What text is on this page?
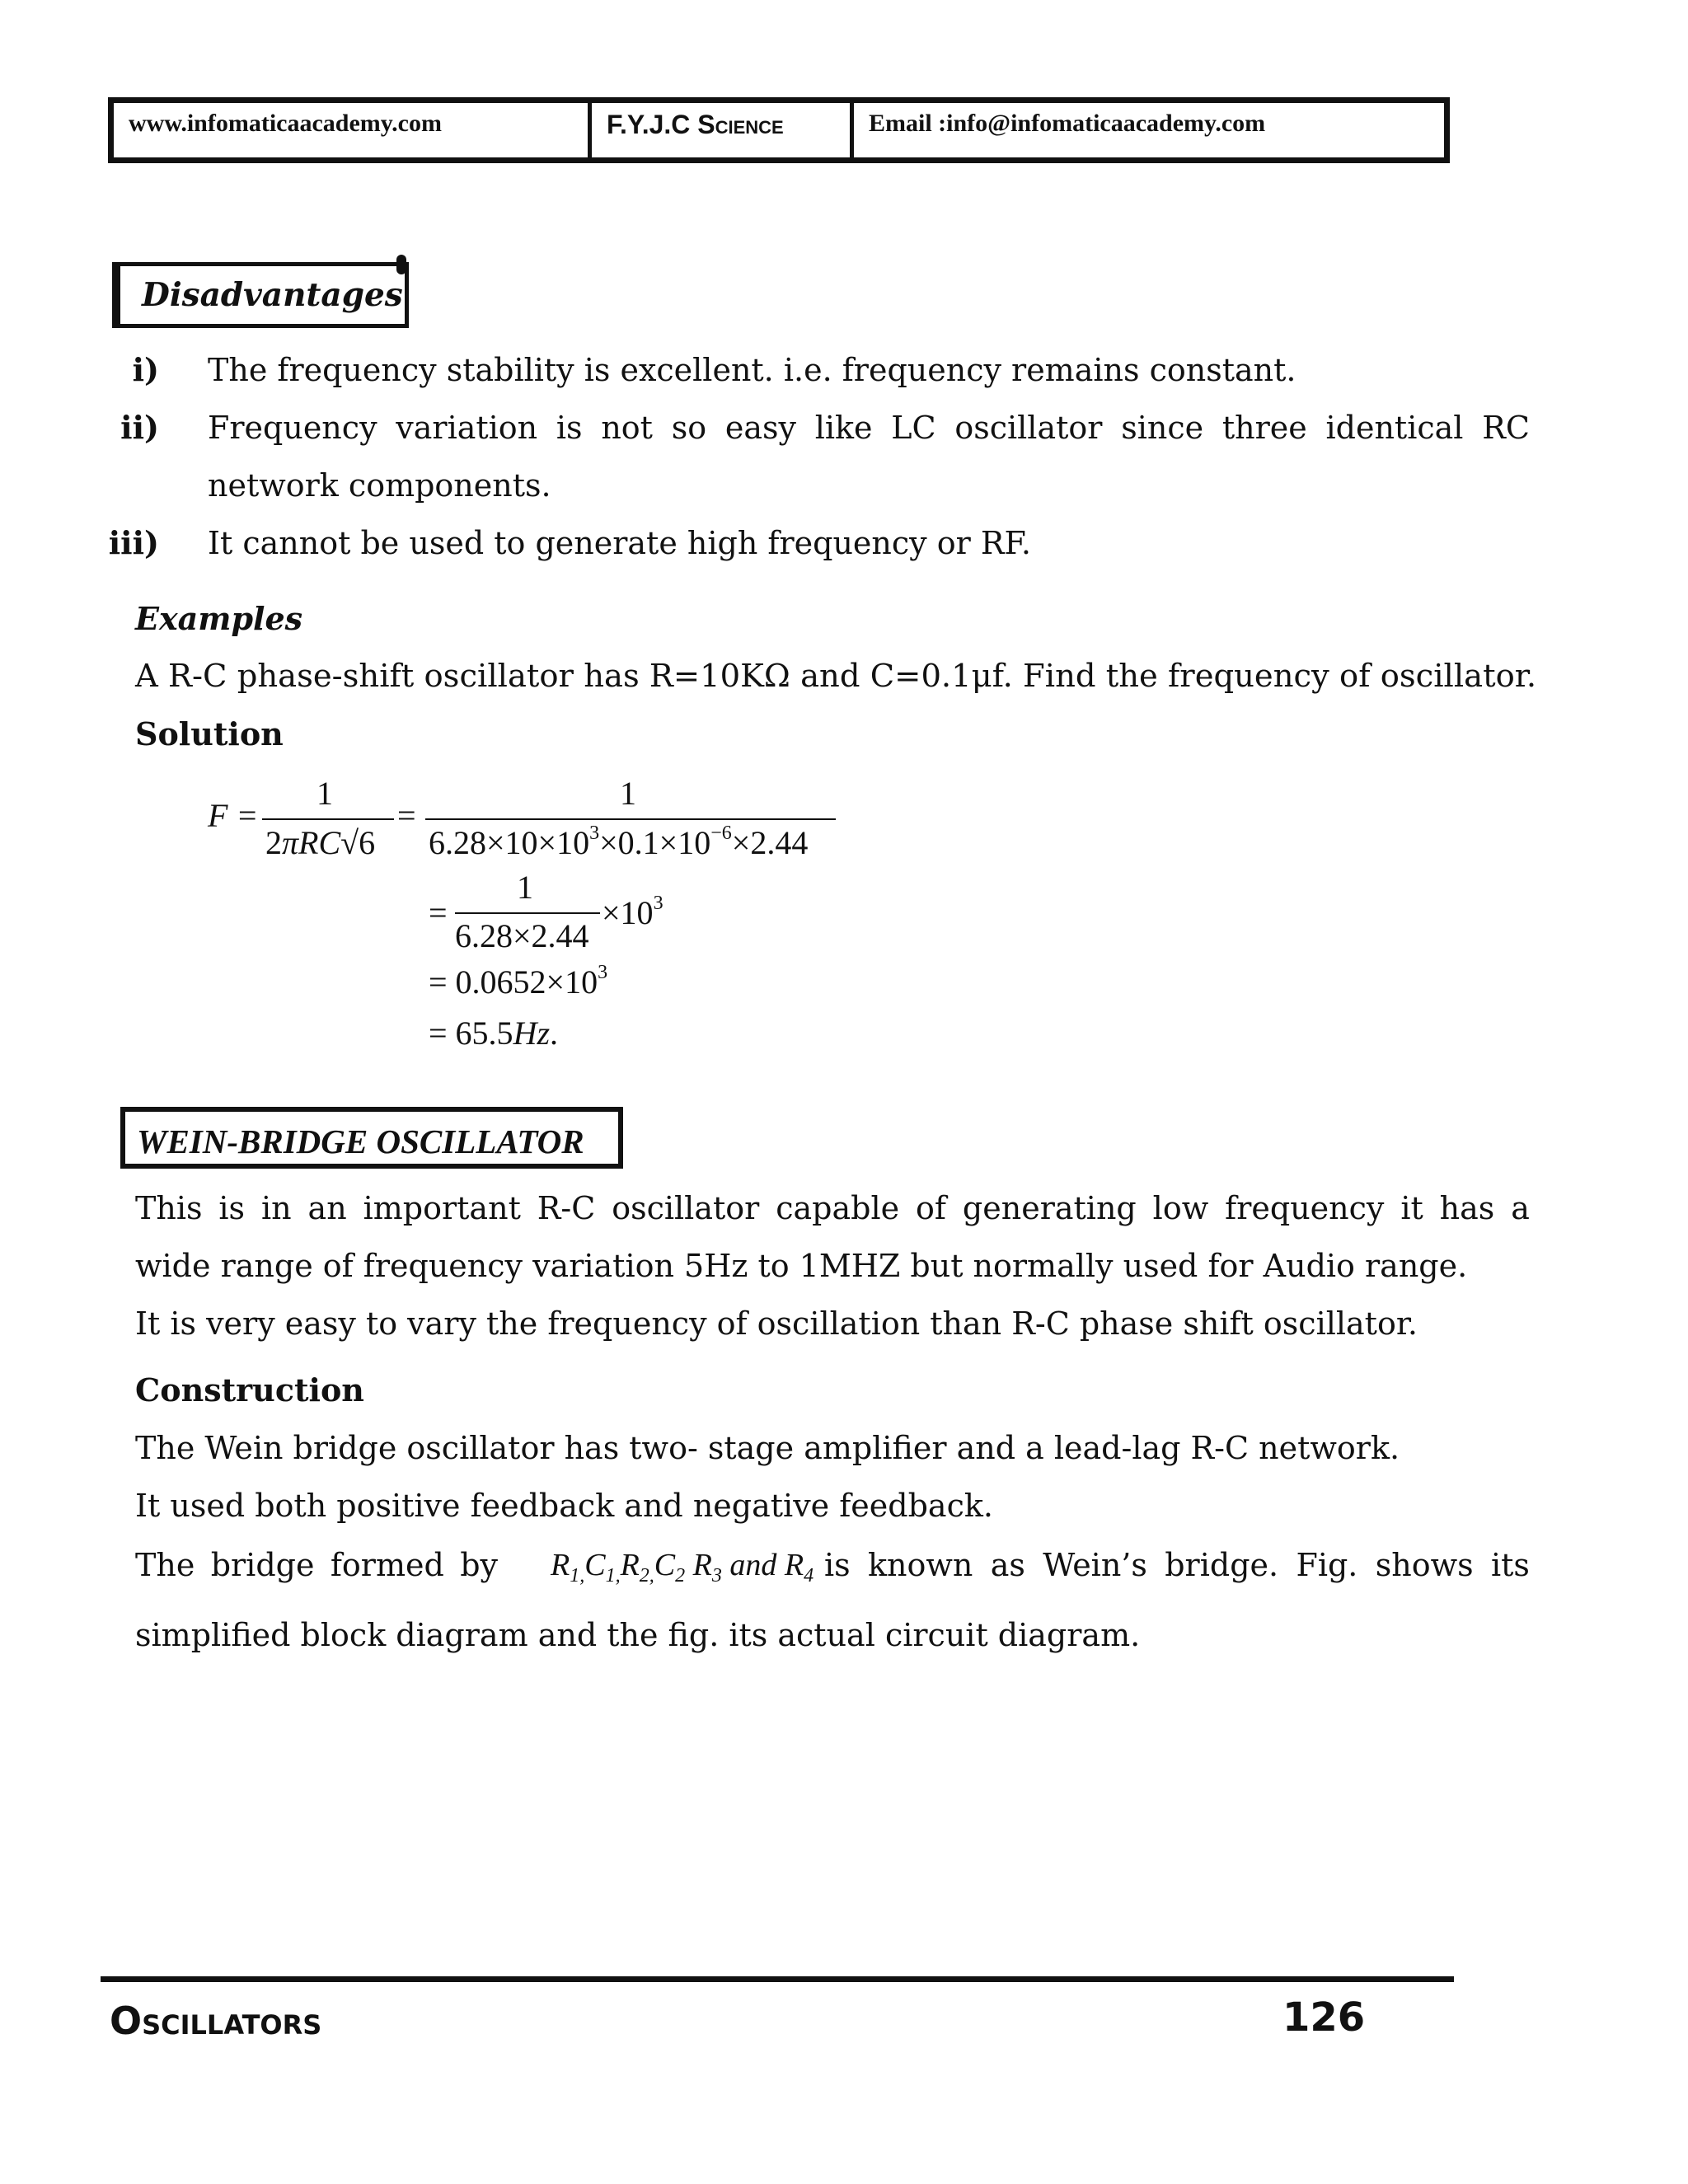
www.infomaticaacademy.com	F.Y.J.C Science	Email :info@infomaticaacademy.com
Disadvantages
i) The frequency stability is excellent. i.e. frequency remains constant.
ii) Frequency variation is not so easy like LC oscillator since three identical RC
network components.
iii) It cannot be used to generate high frequency or RF.
Examples
A R-C phase-shift oscillator has R=10KΩ and C=0.1μf. Find the frequency of oscillator.
Solution
F =
1
2πRC√6
=
1
$6.28\times 10\times 10^3\times 0.1\times 10^{-6}\times 2.44$
=
1
6.28×2.44
$\times 10^3$
= $0.0652\times 10^3$
= 65.5Hz.
WEIN-BRIDGE OSCILLATOR
This is in an important R-C oscillator capable of generating low frequency it has a
wide range of frequency variation 5Hz to 1MHZ but normally used for Audio range.
It is very easy to vary the frequency of oscillation than R-C phase shift oscillator.
Construction
The Wein bridge oscillator has two- stage amplifier and a lead-lag R-C network.
It used both positive feedback and negative feedback.
The bridge formed by $R_{1,}C_{1,}R_{2,}C_2$ $R_3$ and $R_4$ is known as Wein’s bridge. Fig. shows its
simplified block diagram and the fig. its actual circuit diagram.
Oscillators	126
